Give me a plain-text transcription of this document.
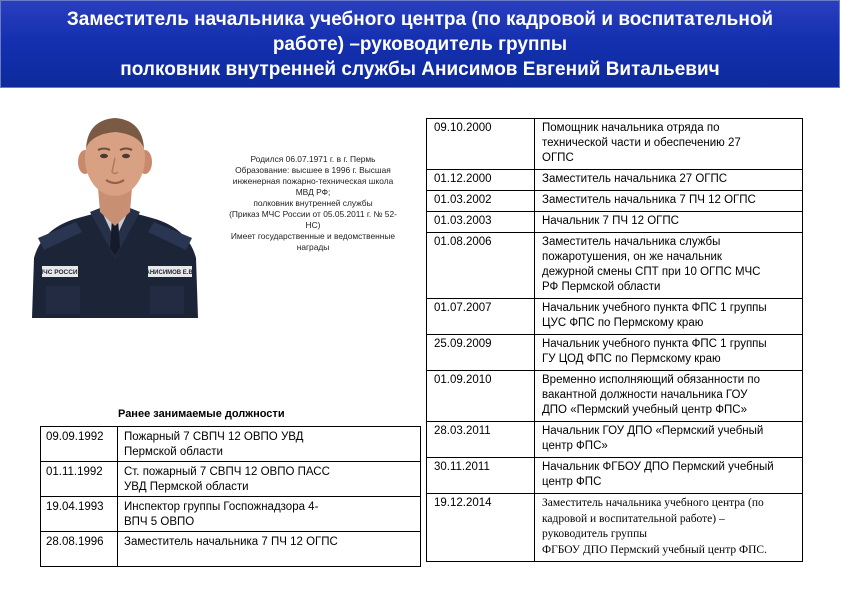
Заместитель начальника учебного центра (по кадровой и воспитательной
работе) –руководитель группы
полковник внутренней службы Анисимов Евгений Витальевич
МЧС РОССИИ	АНИСИМОВ Е.В.
Родился 06.07.1971 г. в г. Пермь
Образование: высшее в 1996 г. Высшая
инженерная пожарно-техническая школа
МВД РФ;
полковник внутренней службы
(Приказ МЧС России от 05.05.2011 г. № 52-
НС)
Имеет государственные и ведомственные
награды
Ранее занимаемые должности
09.09.1992	Пожарный 7 СВПЧ 12 ОВПО УВД
Пермской области

01.11.1992	Ст. пожарный 7 СВПЧ 12 ОВПО ПАСС
УВД Пермской области

19.04.1993	Инспектор группы Госпожнадзора 4-
ВПЧ 5 ОВПО

28.08.1996	Заместитель начальника 7 ПЧ 12 ОГПС
09.10.2000	Помощник начальника отряда по
технической части и обеспечению 27
ОГПС

01.12.2000	Заместитель начальника 27 ОГПС

01.03.2002	Заместитель начальника 7 ПЧ 12 ОГПС

01.03.2003	Начальник 7 ПЧ 12 ОГПС

01.08.2006	Заместитель начальника службы
пожаротушения, он же начальник
дежурной смены СПТ при 10 ОГПС МЧС
РФ Пермской области

01.07.2007	Начальник учебного пункта ФПС 1 группы
ЦУС ФПС по Пермскому краю

25.09.2009	Начальник учебного пункта ФПС 1 группы
ГУ ЦОД ФПС по Пермскому краю

01.09.2010	Временно исполняющий обязанности по
вакантной должности начальника ГОУ
ДПО «Пермский учебный центр ФПС»

28.03.2011	Начальник ГОУ ДПО «Пермский учебный
центр ФПС»

30.11.2011	Начальник ФГБОУ ДПО Пермский учебный
центр ФПС

19.12.2014	Заместитель начальника учебного центра (по
кадровой и воспитательной работе) –
руководитель группы
ФГБОУ ДПО Пермский учебный центр ФПС.
